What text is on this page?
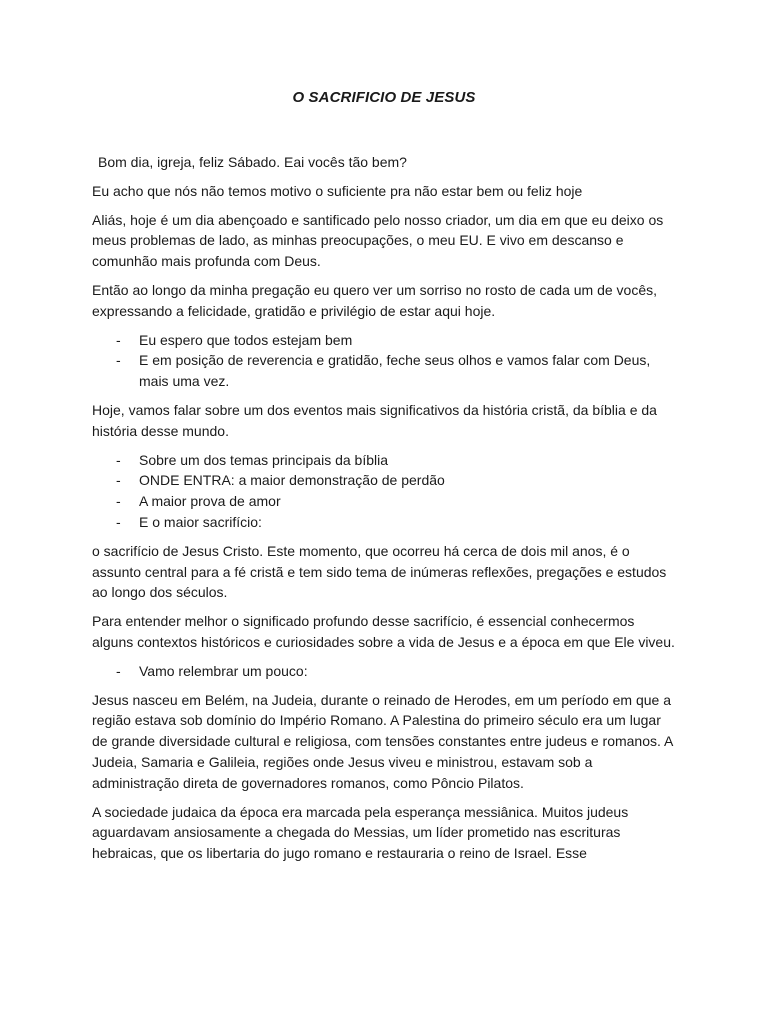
O SACRIFICIO DE JESUS

Bom dia, igreja, feliz Sábado. Eai vocês tão bem?

Eu acho que nós não temos motivo o suficiente pra não estar bem ou feliz hoje

Aliás, hoje é um dia abençoado e santificado pelo nosso criador, um dia em que eu deixo os meus problemas de lado, as minhas preocupações, o meu EU. E vivo em descanso e comunhão mais profunda com Deus.

Então ao longo da minha pregação eu quero ver um sorriso no rosto de cada um de vocês, expressando a felicidade, gratidão e privilégio de estar aqui hoje.

- Eu espero que todos estejam bem
- E em posição de reverencia e gratidão, feche seus olhos e vamos falar com Deus, mais uma vez.

Hoje, vamos falar sobre um dos eventos mais significativos da história cristã, da bíblia e da história desse mundo.

- Sobre um dos temas principais da bíblia
- ONDE ENTRA: a maior demonstração de perdão
- A maior prova de amor
- E o maior sacrifício:

o sacrifício de Jesus Cristo. Este momento, que ocorreu há cerca de dois mil anos, é o assunto central para a fé cristã e tem sido tema de inúmeras reflexões, pregações e estudos ao longo dos séculos.

Para entender melhor o significado profundo desse sacrifício, é essencial conhecermos alguns contextos históricos e curiosidades sobre a vida de Jesus e a época em que Ele viveu.

- Vamo relembrar um pouco:

Jesus nasceu em Belém, na Judeia, durante o reinado de Herodes, em um período em que a região estava sob domínio do Império Romano. A Palestina do primeiro século era um lugar de grande diversidade cultural e religiosa, com tensões constantes entre judeus e romanos. A Judeia, Samaria e Galileia, regiões onde Jesus viveu e ministrou, estavam sob a administração direta de governadores romanos, como Pôncio Pilatos.

A sociedade judaica da época era marcada pela esperança messiânica. Muitos judeus aguardavam ansiosamente a chegada do Messias, um líder prometido nas escrituras hebraicas, que os libertaria do jugo romano e restauraria o reino de Israel. Esse
